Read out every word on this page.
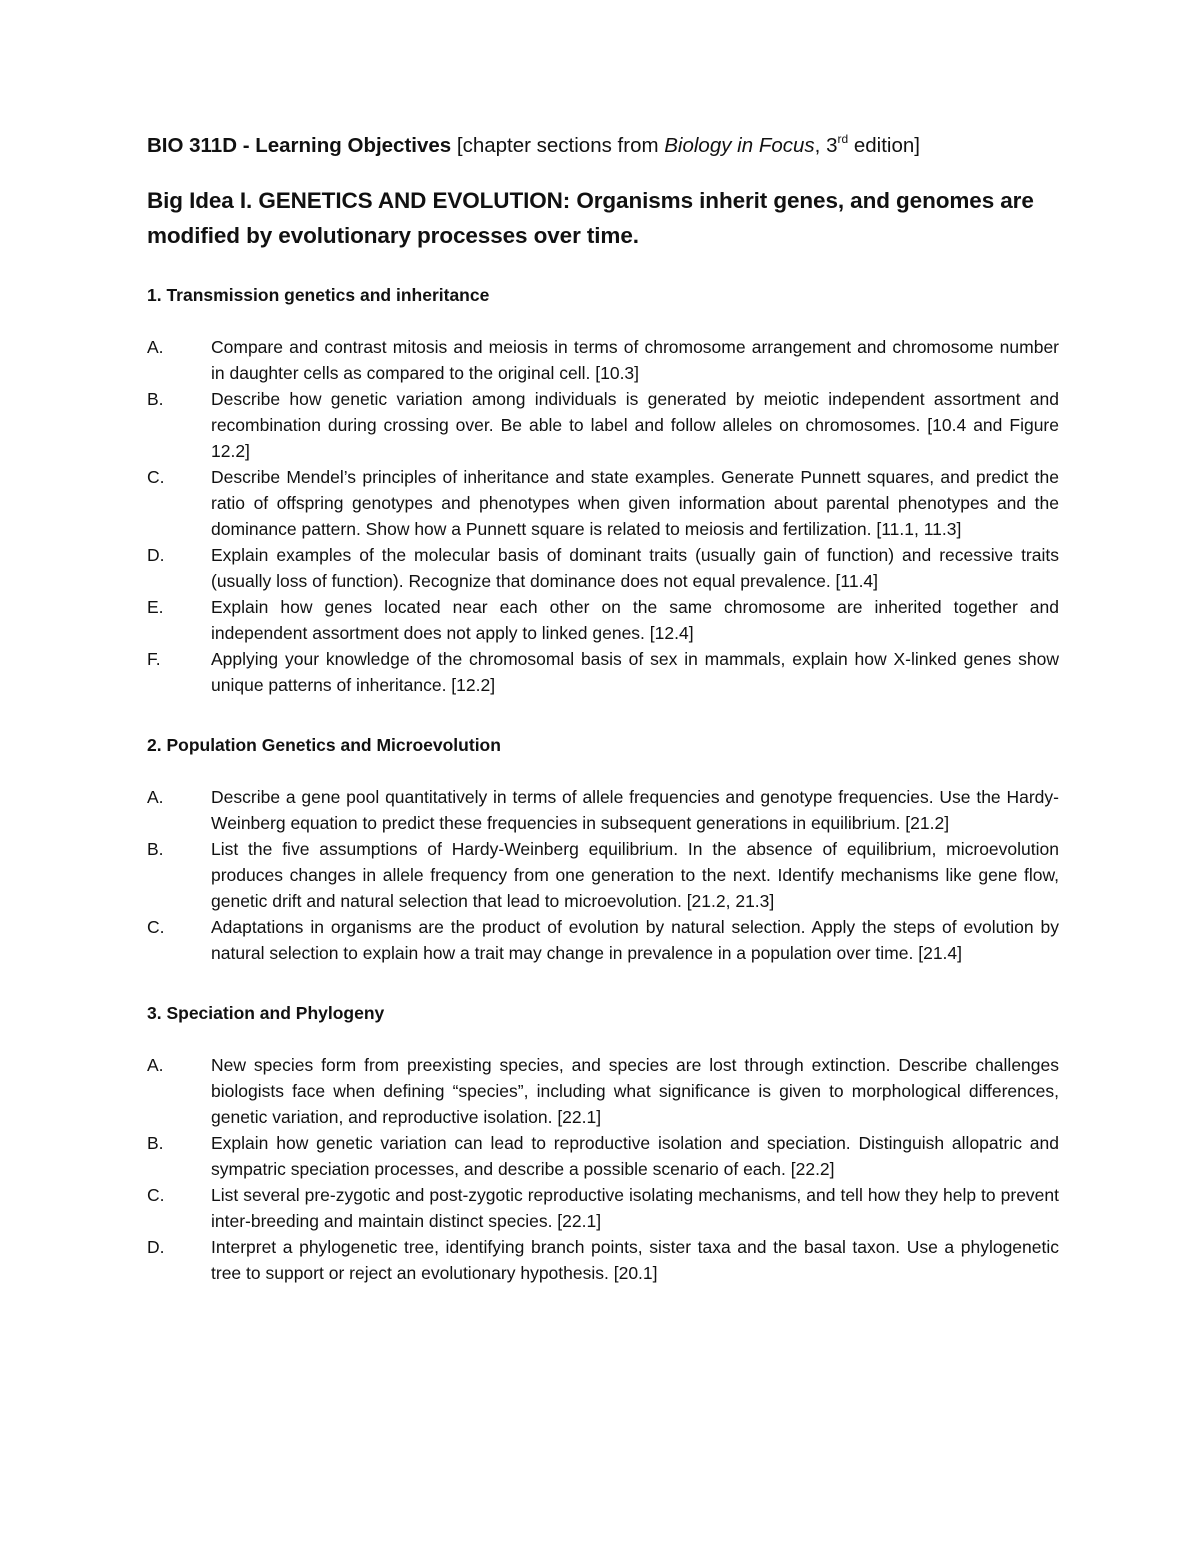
BIO 311D - Learning Objectives [chapter sections from Biology in Focus, 3rd edition]
Big Idea I. GENETICS AND EVOLUTION: Organisms inherit genes, and genomes are modified by evolutionary processes over time.
1. Transmission genetics and inheritance
A.	Compare and contrast mitosis and meiosis in terms of chromosome arrangement and chromosome number in daughter cells as compared to the original cell. [10.3]
B.	Describe how genetic variation among individuals is generated by meiotic independent assortment and recombination during crossing over. Be able to label and follow alleles on chromosomes. [10.4 and Figure 12.2]
C.	Describe Mendel’s principles of inheritance and state examples. Generate Punnett squares, and predict the ratio of offspring genotypes and phenotypes when given information about parental phenotypes and the dominance pattern. Show how a Punnett square is related to meiosis and fertilization. [11.1, 11.3]
D.	Explain examples of the molecular basis of dominant traits (usually gain of function) and recessive traits (usually loss of function). Recognize that dominance does not equal prevalence. [11.4]
E.	Explain how genes located near each other on the same chromosome are inherited together and independent assortment does not apply to linked genes. [12.4]
F.	Applying your knowledge of the chromosomal basis of sex in mammals, explain how X-linked genes show unique patterns of inheritance. [12.2]
2. Population Genetics and Microevolution
A.	Describe a gene pool quantitatively in terms of allele frequencies and genotype frequencies. Use the Hardy-Weinberg equation to predict these frequencies in subsequent generations in equilibrium. [21.2]
B.	List the five assumptions of Hardy-Weinberg equilibrium. In the absence of equilibrium, microevolution produces changes in allele frequency from one generation to the next. Identify mechanisms like gene flow, genetic drift and natural selection that lead to microevolution. [21.2, 21.3]
C.	Adaptations in organisms are the product of evolution by natural selection. Apply the steps of evolution by natural selection to explain how a trait may change in prevalence in a population over time. [21.4]
3. Speciation and Phylogeny
A.	New species form from preexisting species, and species are lost through extinction. Describe challenges biologists face when defining “species”, including what significance is given to morphological differences, genetic variation, and reproductive isolation. [22.1]
B.	Explain how genetic variation can lead to reproductive isolation and speciation. Distinguish allopatric and sympatric speciation processes, and describe a possible scenario of each. [22.2]
C.	List several pre-zygotic and post-zygotic reproductive isolating mechanisms, and tell how they help to prevent inter-breeding and maintain distinct species. [22.1]
D.	Interpret a phylogenetic tree, identifying branch points, sister taxa and the basal taxon. Use a phylogenetic tree to support or reject an evolutionary hypothesis. [20.1]
